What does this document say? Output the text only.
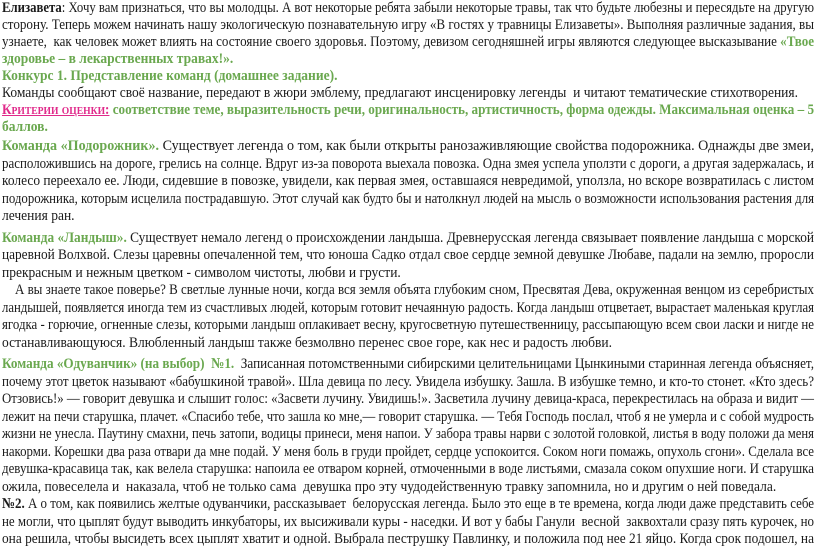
Елизавета: Хочу вам признаться, что вы молодцы. А вот некоторые ребята забыли некоторые травы, так что будьте любезны и пересядьте на другую
сторону. Теперь можем начинать нашу экологическую познавательную игру «В гостях у травницы Елизаветы». Выполняя различные задания, вы
узнаете,  как человек может влиять на состояние своего здоровья. Поэтому, девизом сегодняшней игры являются следующее высказывание «Твое
здоровье – в лекарственных травах!».
Конкурс 1. Представление команд (домашнее задание).
Команды сообщают своё название, передают в жюри эмблему, предлагают инсценировку легенды  и читают тематические стихотворения.
Критерии оценки: соответствие теме, выразительность речи, оригинальность, артистичность, форма одежды. Максимальная оценка – 5
баллов.
Команда «Подорожник». Существует легенда о том, как были открыты ранозаживляющие свойства подорожника. Однажды две змеи,
расположившись на дороге, грелись на солнце. Вдруг из-за поворота выехала повозка. Одна змея успела уползти с дороги, а другая задержалась, и
колесо переехало ее. Люди, сидевшие в повозке, увидели, как первая змея, оставшаяся невредимой, уползла, но вскоре возвратилась с листом
подорожника, которым исцелила пострадавшую. Этот случай как будто бы и натолкнул людей на мысль о возможности использования растения для
лечения ран.
Команда «Ландыш». Существует немало легенд о происхождении ландыша. Древнерусская легенда связывает появление ландыша с морской
царевной Волхвой. Слезы царевны опечаленной тем, что юноша Садко отдал свое сердце земной девушке Любаве, падали на землю, проросли
прекрасным и нежным цветком - символом чистоты, любви и грусти.
А вы знаете такое поверье? В светлые лунные ночи, когда вся земля объята глубоким сном, Пресвятая Дева, окруженная венцом из серебристых
ландышей, появляется иногда тем из счастливых людей, которым готовит нечаянную радость. Когда ландыш отцветает, вырастает маленькая круглая
ягодка - горючие, огненные слезы, которыми ландыш оплакивает весну, кругосветную путешественницу, рассыпающую всем свои ласки и нигде не
останавливающуюся. Влюбленный ландыш также безмолвно перенес свое горе, как нес и радость любви.
Команда «Одуванчик» (на выбор)  №1.  Записанная потомственными сибирскими целительницами Цынкиными старинная легенда объясняет,
почему этот цветок называют «бабушкиной травой». Шла девица по лесу. Увидела избушку. Зашла. В избушке темно, и кто-то стонет. «Кто здесь?
Отзовись!» — говорит девушка и слышит голос: «Засвети лучину. Увидишь!». Засветила лучину девица-краса, перекрестилась на образа и видит —
лежит на печи старушка, плачет. «Спасибо тебе, что зашла ко мне,— говорит старушка. — Тебя Господь послал, чтоб я не умерла и с собой мудрость
жизни не унесла. Паутину смахни, печь затопи, водицы принеси, меня напои. У забора травы нарви с золотой головкой, листья в воду положи да меня
накорми. Корешки два раза отвари да мне подай. У меня боль в груди пройдет, сердце успокоится. Соком ноги помажь, опухоль сгони». Сделала все
девушка-красавица так, как велела старушка: напоила ее отваром корней, отмоченными в воде листьями, смазала соком опухшие ноги. И старушка
ожила, повеселела и  наказала, чтоб не только сама  девушка про эту чудодейственную травку запомнила, но и другим о ней поведала.
№2. А о том, как появились желтые одуванчики, рассказывает  белорусская легенда. Было это еще в те времена, когда люди даже представить себе
не могли, что цыплят будут выводить инкубаторы, их высиживали куры - наседки. И вот у бабы Ганули  весной  заквохтали сразу пять курочек, но
она решила, чтобы высидеть всех цыплят хватит и одной. Выбрала пеструшку Павлинку, и положила под нее 21 яйцо. Когда срок подошел, на
